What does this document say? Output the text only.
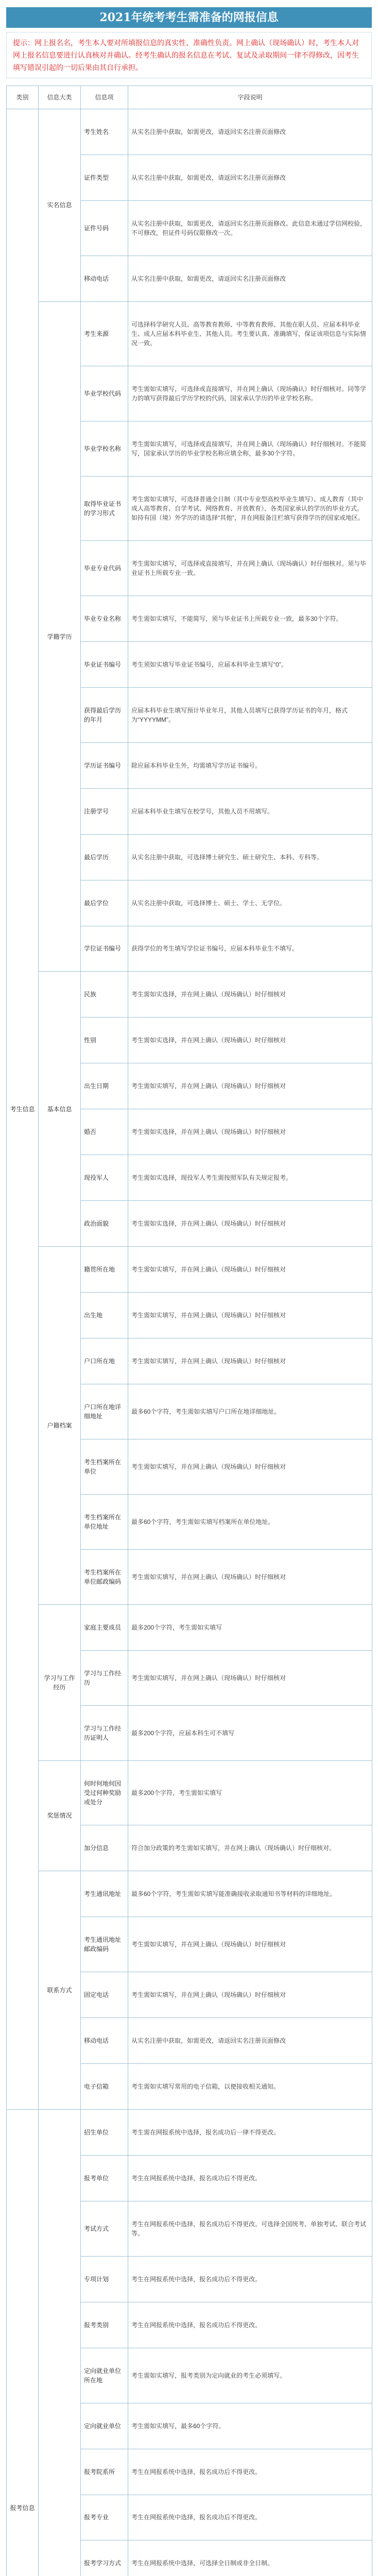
2021年统考考生需准备的网报信息
提示：网上报名名，考生本人要对所填报信息的真实性、准确性负责。网上确认（现场确认）时，考生本人对网上报名信息要进行认真核对并确认。经考生确认的报名信息在考试、复试及录取期间一律不得修改，因考生填写错误引起的一切后果由其自行承担。
类别	信息大类	信息项	字段说明
考生信息	实名信息	考生姓名	从实名注册中获取，如需更改，请返回实名注册页面修改
		证件类型	从实名注册中获取，如需更改，请返回实名注册页面修改
		证件号码	从实名注册中获取，如需更改，请返回实名注册页面修改。此信息未通过学信网校验，不可修改，但证件号码仅限修改一次。
		移动电话	从实名注册中获取，如需更改，请返回实名注册页面修改
	学籍学历	考生来源	可选择科学研究人员、高等教育教师、中等教育教师、其他在职人员、应届本科毕业生、成人应届本科毕业生、其他人员。考生要认真、准确填写，保证该项信息与实际情况一致。
		毕业学校代码	考生需如实填写，可选择或直接填写，并在网上确认（现场确认）时仔细核对。同等学力的填写获得最后学历学校的代码，国家承认学历的毕业学校名称。
		毕业学校名称	考生需如实填写，可选择或直接填写，并在网上确认（现场确认）时仔细核对。不能简写，国家承认学历的毕业学校名称应填全称，最多30个字符。
		取得毕业证书的学习形式	考生需如实填写，可选择普通全日制（其中专业型高校毕业生填写）、成人教育（其中成人高等教育、自学考试、网络教育、开放教育）、各类国家承认的学历的毕业方式。如持有国（境）外学历的请选择“其他”，并在网报备注栏填写获得学历的国家或地区。
		毕业专业代码	考生需如实填写，可选择或直接填写，并在网上确认（现场确认）时仔细核对。须与毕业证书上所载专业一致。
		毕业专业名称	考生需如实填写，不能简写，须与毕业证书上所载专业一致，最多30个字符。
		毕业证书编号	考生须如实填写毕业证书编号，应届本科毕业生填写“0”。
		获得最后学历的年月	应届本科毕业生填写预计毕业年月，其他人员填写已获得学历证书的年月，格式为“YYYYMM”。
		学历证书编号	除应届本科毕业生外，均需填写学历证书编号。
		注册学号	应届本科毕业生填写在校学号，其他人员不用填写。
		最后学历	从实名注册中获取，可选择博士研究生、硕士研究生、本科、专科等。
		最后学位	从实名注册中获取，可选择博士、硕士、学士、无学位。
		学位证书编号	获得学位的考生填写学位证书编号，应届本科毕业生不填写。
	基本信息	民族	考生需如实选择，并在网上确认（现场确认）时仔细核对
		性别	考生需如实选择，并在网上确认（现场确认）时仔细核对
		出生日期	考生需如实填写，并在网上确认（现场确认）时仔细核对
		婚否	考生需如实选择，并在网上确认（现场确认）时仔细核对
		现役军人	考生需如实选择，现役军人考生需按照军队有关规定报考。
		政治面貌	考生需如实选择，并在网上确认（现场确认）时仔细核对
	户籍档案	籍贯所在地	考生需如实填写，并在网上确认（现场确认）时仔细核对
		出生地	考生需如实填写，并在网上确认（现场确认）时仔细核对
		户口所在地	考生需如实填写，并在网上确认（现场确认）时仔细核对
		户口所在地详细地址	最多60个字符，考生需如实填写户口所在地详细地址。
		考生档案所在单位	考生需如实填写，并在网上确认（现场确认）时仔细核对
		考生档案所在单位地址	最多60个字符，考生需如实填写档案所在单位地址。
		考生档案所在单位邮政编码	考生需如实填写，并在网上确认（现场确认）时仔细核对
	学习与工作经历	家庭主要成员	最多200个字符，考生需如实填写
		学习与工作经历	考生需如实填写，并在网上确认（现场确认）时仔细核对
		学习与工作经历证明人	最多200个字符，应届本科生可不填写
	奖惩情况	何时何地何因受过何种奖励或处分	最多200个字符，考生需如实填写
		加分信息	符合加分政策的考生需如实填写，并在网上确认（现场确认）时仔细核对。
	联系方式	考生通讯地址	最多60个字符，考生需如实填写能准确接收录取通知书等材料的详细地址。
		考生通讯地址邮政编码	考生需如实填写，并在网上确认（现场确认）时仔细核对
		固定电话	考生需如实填写，并在网上确认（现场确认）时仔细核对
		移动电话	从实名注册中获取，如需更改，请返回实名注册页面修改
		电子信箱	考生需如实填写常用的电子信箱，以便接收相关通知。
报考信息		招生单位	考生需在网报系统中选择，报名成功后一律不得更改。
		报考单位	考生在网报系统中选择，报名成功后不得更改。
		考试方式	考生在网报系统中选择，报名成功后不得更改。可选择全国统考、单独考试、联合考试等。
		专项计划	考生在网报系统中选择，报名成功后不得更改。
		报考类别	考生在网报系统中选择，报名成功后不得更改。
		定向就业单位所在地	考生需如实填写，报考类别为定向就业的考生必须填写。
		定向就业单位	考生需如实填写，最多60个字符。
		报考院系所	考生在网报系统中选择，报名成功后不得更改。
		报考专业	考生在网报系统中选择，报名成功后不得更改。
		报考学习方式	考生在网报系统中选择，可选择全日制或非全日制。
